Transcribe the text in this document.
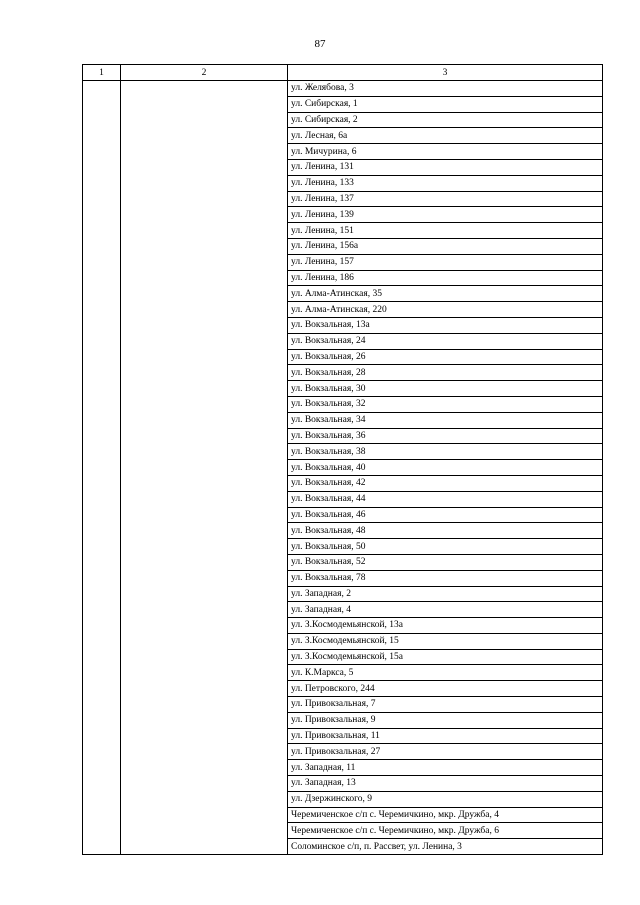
87
1	2	3
		ул. Желябова, 3
		ул. Сибирская, 1
		ул. Сибирская, 2
		ул. Лесная, 6а
		ул. Мичурина, 6
		ул. Ленина, 131
		ул. Ленина, 133
		ул. Ленина, 137
		ул. Ленина, 139
		ул. Ленина, 151
		ул. Ленина, 156а
		ул. Ленина, 157
		ул. Ленина, 186
		ул. Алма-Атинская, 35
		ул. Алма-Атинская, 220
		ул. Вокзальная, 13а
		ул. Вокзальная, 24
		ул. Вокзальная, 26
		ул. Вокзальная, 28
		ул. Вокзальная, 30
		ул. Вокзальная, 32
		ул. Вокзальная, 34
		ул. Вокзальная, 36
		ул. Вокзальная, 38
		ул. Вокзальная, 40
		ул. Вокзальная, 42
		ул. Вокзальная, 44
		ул. Вокзальная, 46
		ул. Вокзальная, 48
		ул. Вокзальная, 50
		ул. Вокзальная, 52
		ул. Вокзальная, 78
		ул. Западная, 2
		ул. Западная, 4
		ул. З.Космодемьянской, 13а
		ул. З.Космодемьянской, 15
		ул. З.Космодемьянской, 15а
		ул. К.Маркса, 5
		ул. Петровского, 244
		ул. Привокзальная, 7
		ул. Привокзальная, 9
		ул. Привокзальная, 11
		ул. Привокзальная, 27
		ул. Западная, 11
		ул. Западная, 13
		ул. Дзержинского, 9
		Черемиченское с/п с. Черемичкино, мкр. Дружба, 4
		Черемиченское с/п с. Черемичкино, мкр. Дружба, 6
		Соломинское с/п, п. Рассвет, ул. Ленина, 3
